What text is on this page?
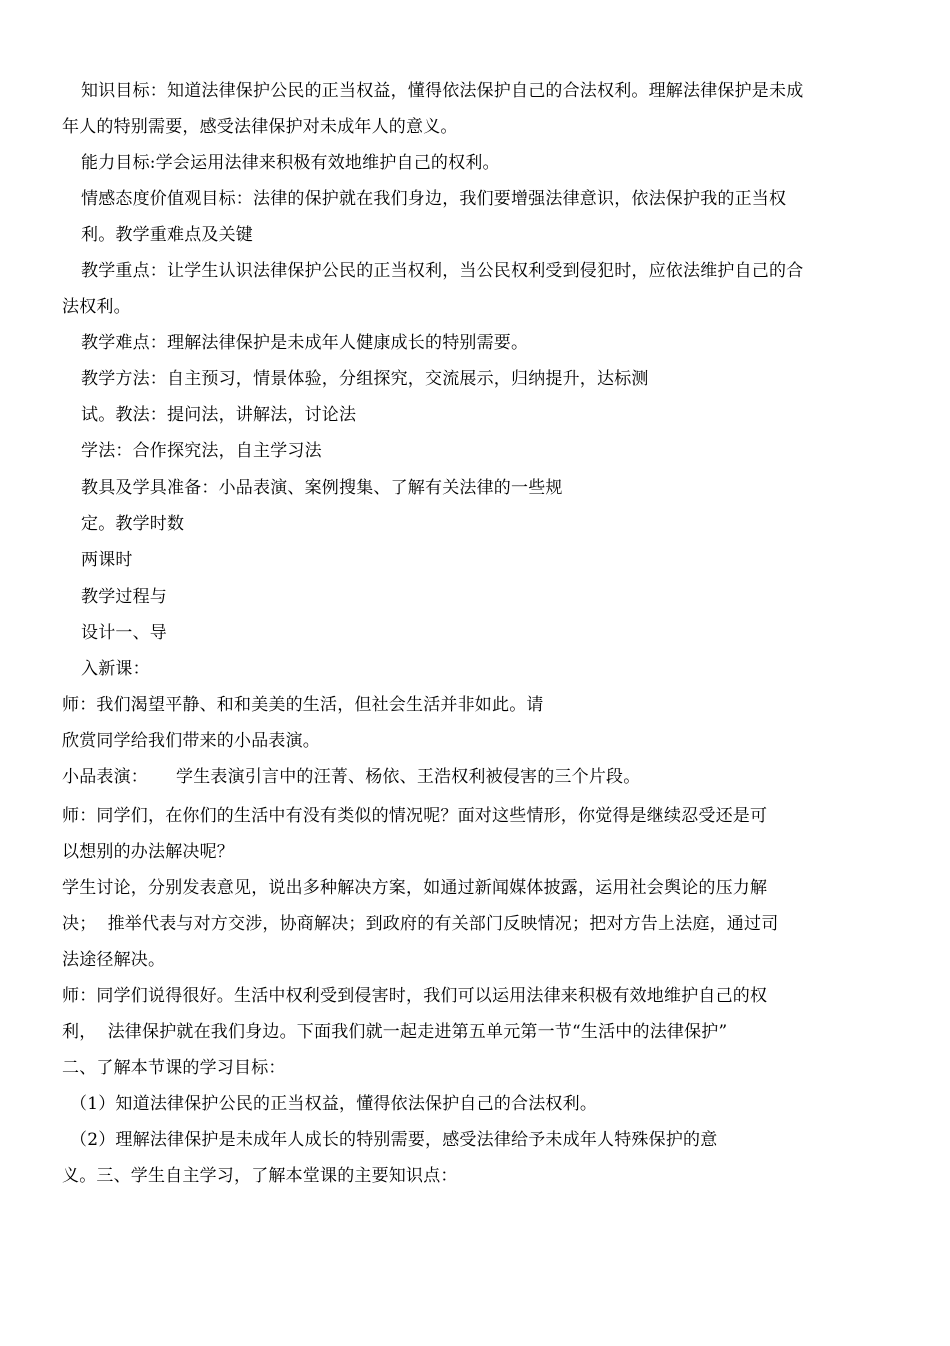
知识目标：知道法律保护公民的正当权益，懂得依法保护自己的合法权利。理解法律保护是未成
年人的特别需要，感受法律保护对未成年人的意义。
能力目标:学会运用法律来积极有效地维护自己的权利。
情感态度价值观目标：法律的保护就在我们身边，我们要增强法律意识，依法保护我的正当权
利。教学重难点及关键
教学重点：让学生认识法律保护公民的正当权利，当公民权利受到侵犯时，应依法维护自己的合
法权利。
教学难点：理解法律保护是未成年人健康成长的特别需要。
教学方法：自主预习，情景体验，分组探究，交流展示，归纳提升，达标测
试。教法：提问法，讲解法，讨论法
学法：合作探究法，自主学习法
教具及学具准备：小品表演、案例搜集、了解有关法律的一些规
定。教学时数
两课时
教学过程与
设计一、导
入新课：
师：我们渴望平静、和和美美的生活，但社会生活并非如此。请
欣赏同学给我们带来的小品表演。
小品表演：     学生表演引言中的汪菁、杨依、王浩权利被侵害的三个片段。
师：同学们，在你们的生活中有没有类似的情况呢？面对这些情形，你觉得是继续忍受还是可
以想别的办法解决呢？
学生讨论，分别发表意见，说出多种解决方案，如通过新闻媒体披露，运用社会舆论的压力解
决；  推举代表与对方交涉，协商解决；到政府的有关部门反映情况；把对方告上法庭，通过司
法途径解决。
师：同学们说得很好。生活中权利受到侵害时，我们可以运用法律来积极有效地维护自己的权
利，  法律保护就在我们身边。下面我们就一起走进第五单元第一节“生活中的法律保护”
二、了解本节课的学习目标：
（1）知道法律保护公民的正当权益，懂得依法保护自己的合法权利。
（2）理解法律保护是未成年人成长的特别需要，感受法律给予未成年人特殊保护的意
义。三、学生自主学习，了解本堂课的主要知识点：
